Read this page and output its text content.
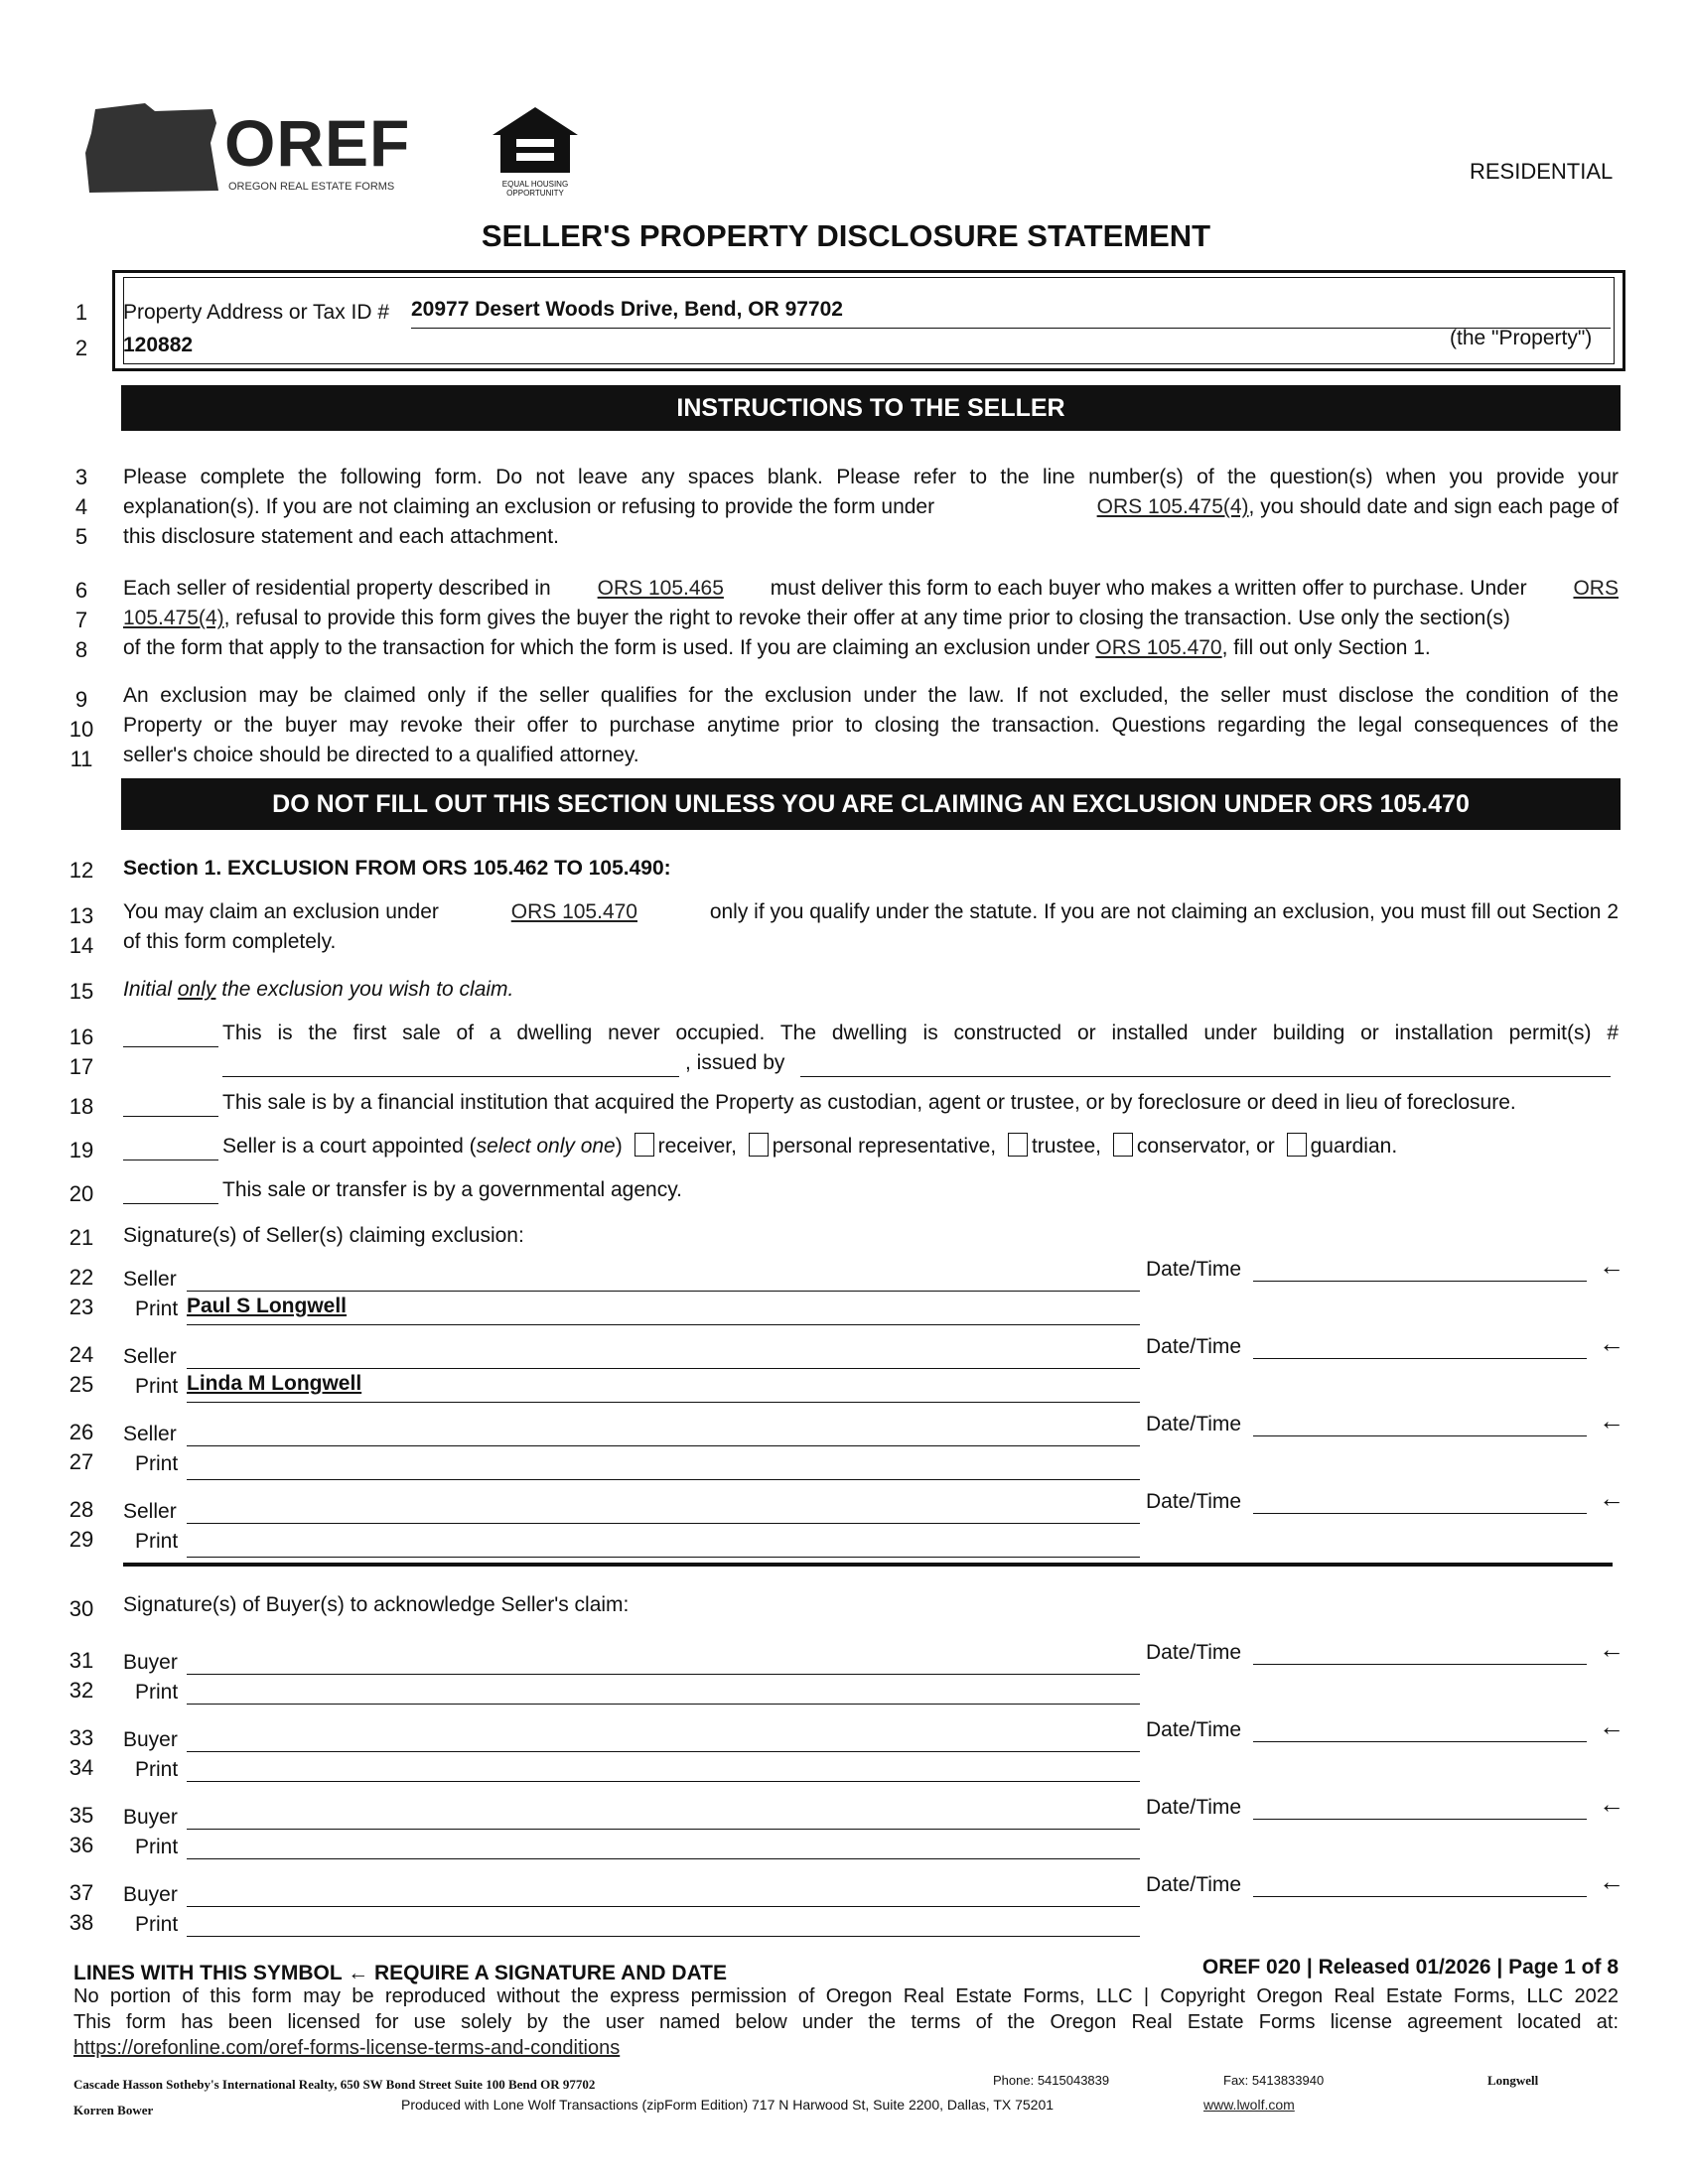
OREF
OREGON REAL ESTATE FORMS	EQUAL HOUSING OPPORTUNITY
RESIDENTIAL
SELLER'S PROPERTY DISCLOSURE STATEMENT
1
2
Property Address or Tax ID # 20977 Desert Woods Drive, Bend, OR 97702
120882	(the "Property")
INSTRUCTIONS TO THE SELLER
3
4
5
Please complete the following form. Do not leave any spaces blank. Please refer to the line number(s) of the question(s) when you provide your
explanation(s). If you are not claiming an exclusion or refusing to provide the form under	ORS 105.475(4), you should date and sign each page of
this disclosure statement and each attachment.
6
7
8
Each seller of residential property described in ORS 105.465 must deliver this form to each buyer who makes a written offer to purchase. Under ORS
105.475(4), refusal to provide this form gives the buyer the right to revoke their offer at any time prior to closing the transaction. Use only the section(s)
of the form that apply to the transaction for which the form is used. If you are claiming an exclusion under ORS 105.470, fill out only Section 1.
9
10
11
An exclusion may be claimed only if the seller qualifies for the exclusion under the law. If not excluded, the seller must disclose the condition of the
Property or the buyer may revoke their offer to purchase anytime prior to closing the transaction. Questions regarding the legal consequences of the
seller's choice should be directed to a qualified attorney.
DO NOT FILL OUT THIS SECTION UNLESS YOU ARE CLAIMING AN EXCLUSION UNDER ORS 105.470
12 Section 1. EXCLUSION FROM ORS 105.462 TO 105.490:
13
14
You may claim an exclusion under	ORS 105.470	only if you qualify under the statute. If you are not claiming an exclusion, you must fill out Section 2
of this form completely.
15 Initial only the exclusion you wish to claim.
16
17
This is the first sale of a dwelling never occupied. The dwelling is constructed or installed under building or installation permit(s) #
, issued by
18	This sale is by a financial institution that acquired the Property as custodian, agent or trustee, or by foreclosure or deed in lieu of foreclosure.
19	Seller is a court appointed (select only one) receiver, personal representative, trustee, conservator, or guardian.
20	This sale or transfer is by a governmental agency.
21 Signature(s) of Seller(s) claiming exclusion:
22 Seller	Date/Time	←
23 Print Paul S Longwell
24 Seller	Date/Time	←
25 Print Linda M Longwell
26 Seller	Date/Time	←
27 Print
28 Seller	Date/Time	←
29 Print
30 Signature(s) of Buyer(s) to acknowledge Seller's claim:
31 Buyer	Date/Time	←
32 Print
33 Buyer	Date/Time	←
34 Print
35 Buyer	Date/Time	←
36 Print
37 Buyer	Date/Time	←
38 Print
LINES WITH THIS SYMBOL ← REQUIRE A SIGNATURE AND DATE	OREF 020 | Released 01/2026 | Page 1 of 8
No portion of this form may be reproduced without the express permission of Oregon Real Estate Forms, LLC | Copyright Oregon Real Estate Forms, LLC 2022
This form has been licensed for use solely by the user named below under the terms of the Oregon Real Estate Forms license agreement located at:
https://orefonline.com/oref-forms-license-terms-and-conditions
Cascade Hasson Sotheby's International Realty, 650 SW Bond Street Suite 100 Bend OR 97702
Korren Bower
Phone: 5415043839	Fax: 5413833940	Longwell
Produced with Lone Wolf Transactions (zipForm Edition) 717 N Harwood St, Suite 2200, Dallas, TX 75201	www.lwolf.com
